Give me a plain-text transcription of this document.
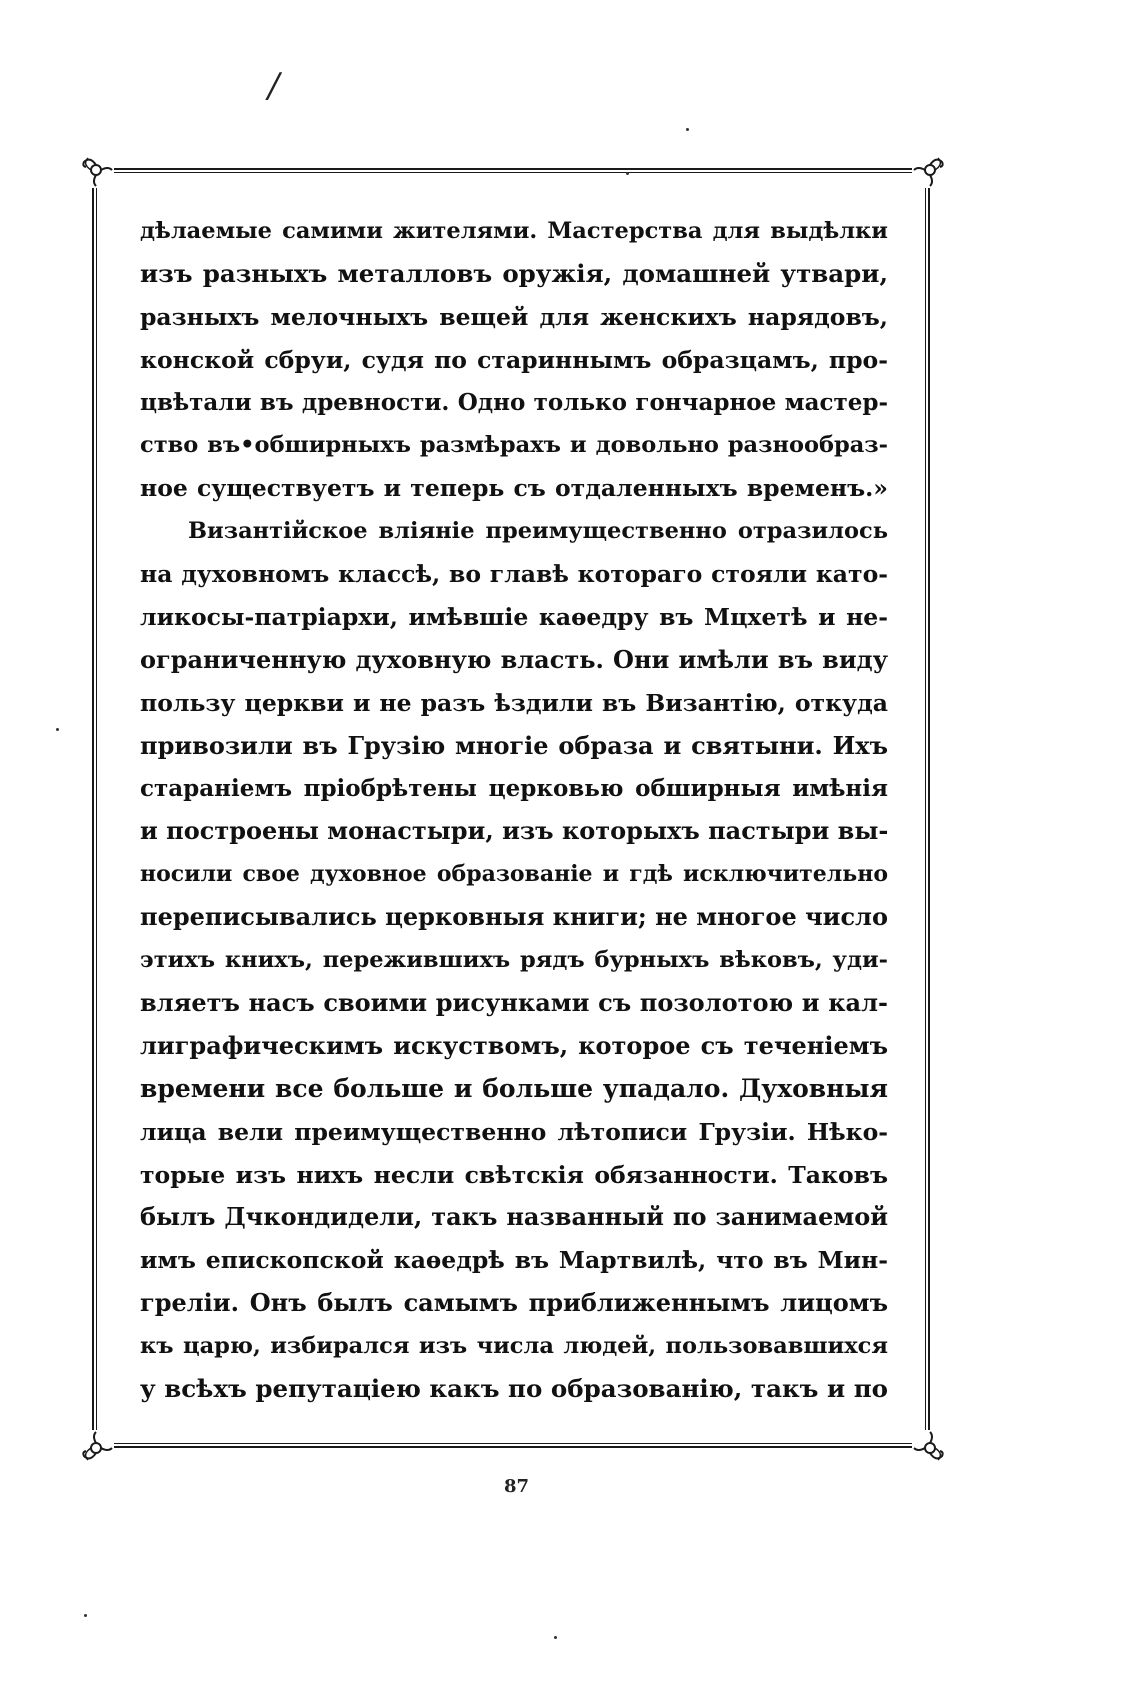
/
дѣлаемые самими жителями. Мастерства для выдѣлки
изъ разныхъ металловъ оружія, домашней утвари,
разныхъ мелочныхъ вещей для женскихъ нарядовъ,
конской сбруи, судя по стариннымъ образцамъ, про-
цвѣтали въ древности. Одно только гончарное мастер-
ство въ•обширныхъ размѣрахъ и довольно разнообраз-
ное существуетъ и теперь съ отдаленныхъ временъ.»
Византійское вліяніе преимущественно отразилось
на духовномъ классѣ, во главѣ котораго стояли като-
ликосы-патріархи, имѣвшіе каѳедру въ Мцхетѣ и не-
ограниченную духовную власть. Они имѣли въ виду
пользу церкви и не разъ ѣздили въ Византію, откуда
привозили въ Грузію многіе образа и святыни. Ихъ
стараніемъ пріобрѣтены церковью обширныя имѣнія
и построены монастыри, изъ которыхъ пастыри вы-
носили свое духовное образованіе и гдѣ исключительно
переписывались церковныя книги; не многое число
этихъ книхъ, пережившихъ рядъ бурныхъ вѣковъ, уди-
вляетъ насъ своими рисунками съ позолотою и кал-
лиграфическимъ искуствомъ, которое съ теченіемъ
времени все больше и больше упадало. Духовныя
лица вели преимущественно лѣтописи Грузіи. Нѣко-
торые изъ нихъ несли свѣтскія обязанности. Таковъ
былъ Дчкондидели, такъ названный по занимаемой
имъ епископской каѳедрѣ въ Мартвилѣ, что въ Мин-
греліи. Онъ былъ самымъ приближеннымъ лицомъ
къ царю, избирался изъ числа людей, пользовавшихся
у всѣхъ репутаціею какъ по образованію, такъ и по
87
